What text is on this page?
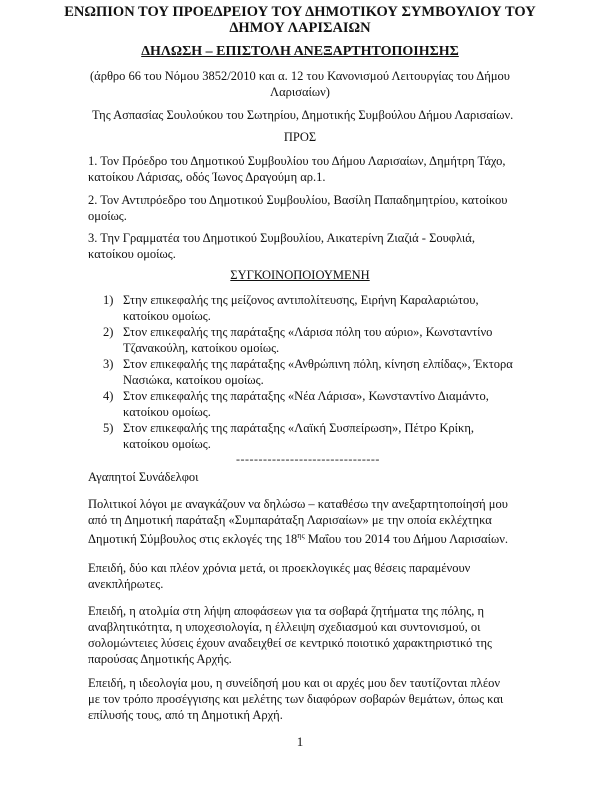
ΕΝΩΠΙΟΝ ΤΟΥ ΠΡΟΕΔΡΕΙΟΥ ΤΟΥ ΔΗΜΟΤΙΚΟΥ ΣΥΜΒΟΥΛΙΟΥ ΤΟΥ
ΔΗΜΟΥ ΛΑΡΙΣΑΙΩΝ
ΔΗΛΩΣΗ – ΕΠΙΣΤΟΛΗ ΑΝΕΞΑΡΤΗΤΟΠΟΙΗΣΗΣ
(άρθρο 66 του Νόμου 3852/2010 και α. 12 του Κανονισμού Λειτουργίας του Δήμου
Λαρισαίων)
Της Ασπασίας Σουλούκου του Σωτηρίου, Δημοτικής Συμβούλου Δήμου Λαρισαίων.
ΠΡΟΣ
1. Τον Πρόεδρο του Δημοτικού Συμβουλίου του Δήμου Λαρισαίων, Δημήτρη Τάχο,
κατοίκου Λάρισας, οδός Ίωνος Δραγούμη αρ.1.
2. Τον Αντιπρόεδρο του Δημοτικού Συμβουλίου, Βασίλη Παπαδημητρίου, κατοίκου
ομοίως.
3. Την Γραμματέα του Δημοτικού Συμβουλίου, Αικατερίνη Ζιαζιά - Σουφλιά,
κατοίκου ομοίως.
ΣΥΓΚΟΙΝΟΠΟΙΟΥΜΕΝΗ
1) Στην επικεφαλής της μείζονος αντιπολίτευσης, Ειρήνη Καραλαριώτου,
κατοίκου ομοίως.
2) Στον επικεφαλής της παράταξης «Λάρισα πόλη του αύριο», Κωνσταντίνο
Τζανακούλη, κατοίκου ομοίως.
3) Στον επικεφαλής της παράταξης «Ανθρώπινη πόλη, κίνηση ελπίδας», Έκτορα
Νασιώκα, κατοίκου ομοίως.
4) Στον επικεφαλής της παράταξης «Νέα Λάρισα», Κωνσταντίνο Διαμάντο,
κατοίκου ομοίως.
5) Στον επικεφαλής της παράταξης «Λαϊκή Συσπείρωση», Πέτρο Κρίκη,
κατοίκου ομοίως.
--------------------------------
Αγαπητοί Συνάδελφοι
Πολιτικοί λόγοι με αναγκάζουν να δηλώσω – καταθέσω την ανεξαρτητοποίησή μου
από τη Δημοτική παράταξη «Συμπαράταξη Λαρισαίων» με την οποία εκλέχτηκα
Δημοτική Σύμβουλος στις εκλογές της $18^{\eta\varsigma}$ Μαΐου του 2014 του Δήμου Λαρισαίων.
Επειδή, δύο και πλέον χρόνια μετά, οι προεκλογικές μας θέσεις παραμένουν
ανεκπλήρωτες.
Επειδή, η ατολμία στη λήψη αποφάσεων για τα σοβαρά ζητήματα της πόλης, η
αναβλητικότητα, η υποχεσιολογία, η έλλειψη σχεδιασμού και συντονισμού, οι
σολομώντειες λύσεις έχουν αναδειχθεί σε κεντρικό ποιοτικό χαρακτηριστικό της
παρούσας Δημοτικής Αρχής.
Επειδή, η ιδεολογία μου, η συνείδησή μου και οι αρχές μου δεν ταυτίζονται πλέον
με τον τρόπο προσέγγισης και μελέτης των διαφόρων σοβαρών θεμάτων, όπως και
επίλυσής τους, από τη Δημοτική Αρχή.
1
